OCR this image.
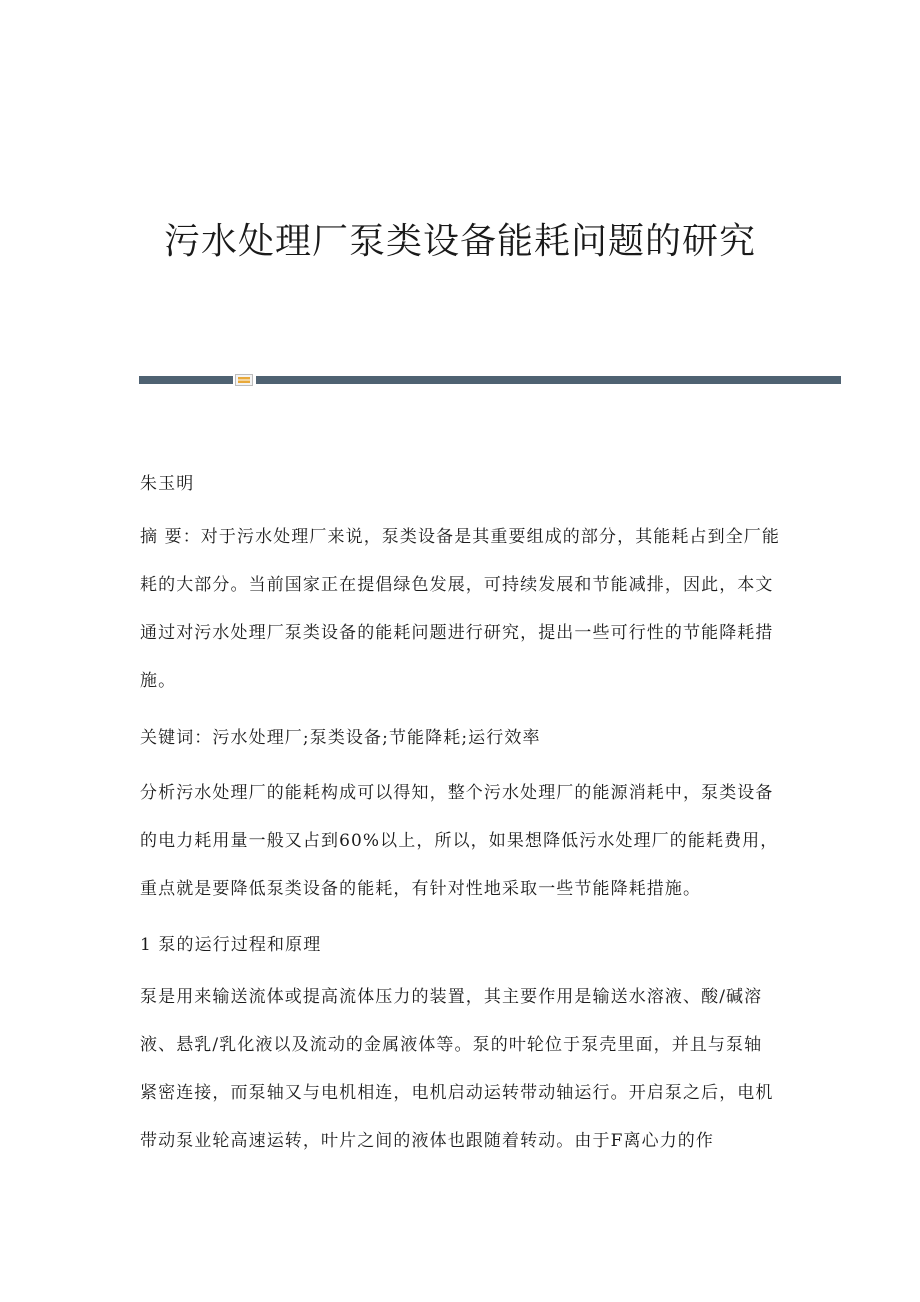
污水处理厂泵类设备能耗问题的研究

朱玉明

摘 要：对于污水处理厂来说，泵类设备是其重要组成的部分，其能耗占到全厂能耗的大部分。当前国家正在提倡绿色发展，可持续发展和节能减排，因此，本文通过对污水处理厂泵类设备的能耗问题进行研究，提出一些可行性的节能降耗措施。

关键词：污水处理厂;泵类设备;节能降耗;运行效率

分析污水处理厂的能耗构成可以得知，整个污水处理厂的能源消耗中，泵类设备的电力耗用量一般又占到60%以上，所以，如果想降低污水处理厂的能耗费用，重点就是要降低泵类设备的能耗，有针对性地采取一些节能降耗措施。

1 泵的运行过程和原理

泵是用来输送流体或提高流体压力的装置，其主要作用是输送水溶液、酸/碱溶液、悬乳/乳化液以及流动的金属液体等。泵的叶轮位于泵壳里面，并且与泵轴紧密连接，而泵轴又与电机相连，电机启动运转带动轴运行。开启泵之后，电机带动泵业轮高速运转，叶片之间的液体也跟随着转动。由于F离心力的作
